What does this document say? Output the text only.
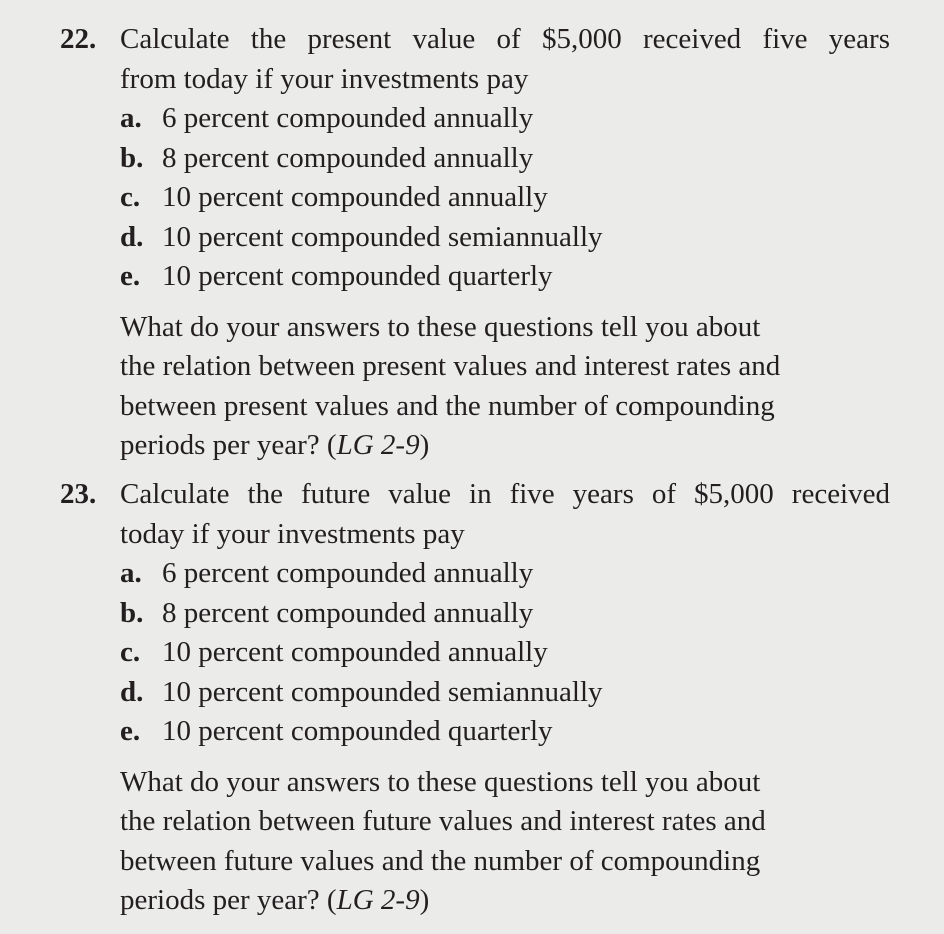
22. Calculate the present value of $5,000 received five years
from today if your investments pay
a. 6 percent compounded annually
b. 8 percent compounded annually
c. 10 percent compounded annually
d. 10 percent compounded semiannually
e. 10 percent compounded quarterly
What do your answers to these questions tell you about
the relation between present values and interest rates and
between present values and the number of compounding
periods per year? (LG 2-9)
23. Calculate the future value in five years of $5,000 received
today if your investments pay
a. 6 percent compounded annually
b. 8 percent compounded annually
c. 10 percent compounded annually
d. 10 percent compounded semiannually
e. 10 percent compounded quarterly
What do your answers to these questions tell you about
the relation between future values and interest rates and
between future values and the number of compounding
periods per year? (LG 2-9)
